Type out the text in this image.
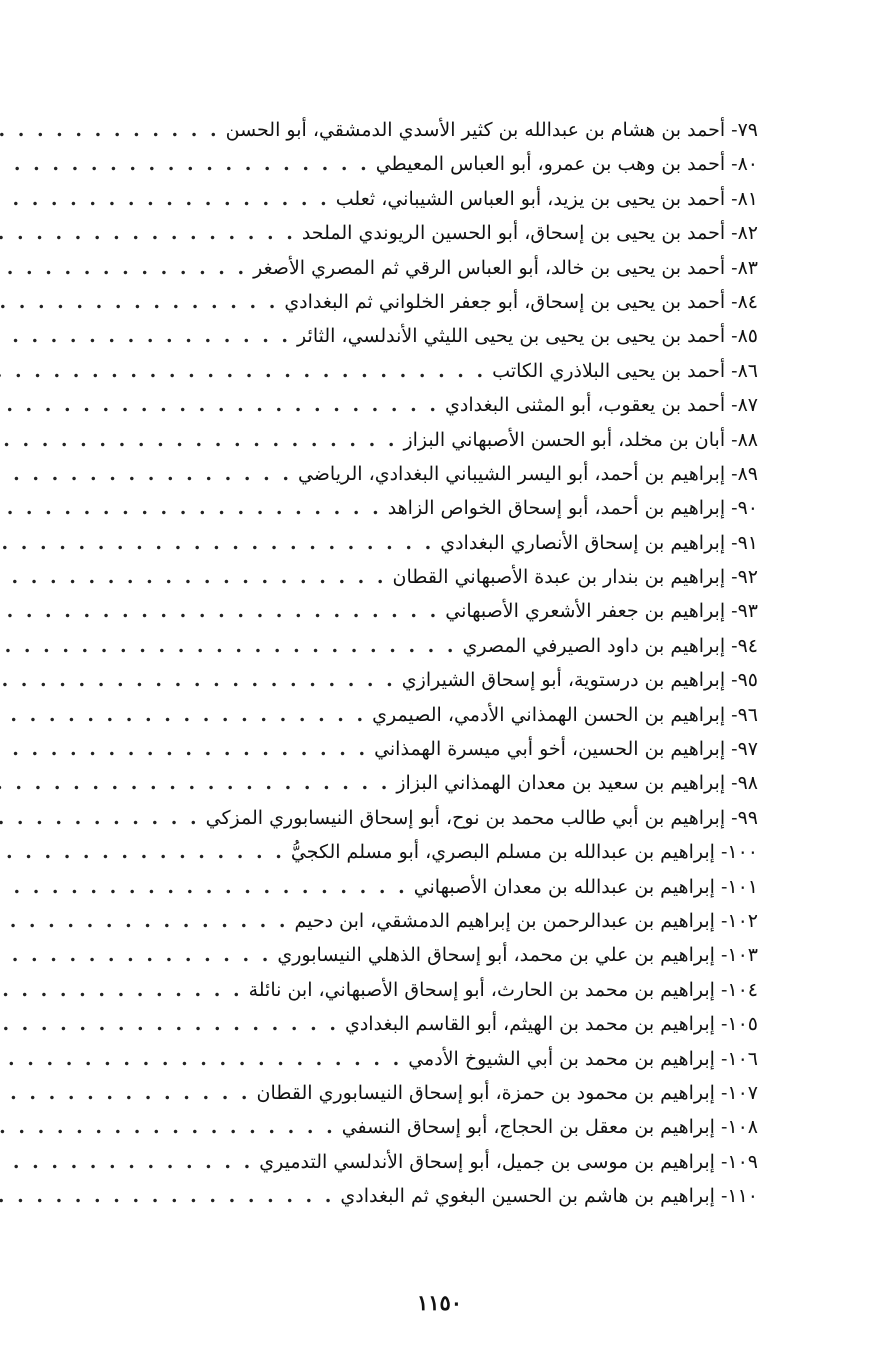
٧٩- أحمد بن هشام بن عبدالله بن كثير الأسدي الدمشقي، أبو الحسن
. . .
٨٠- أحمد بن وهب بن عمرو، أبو العباس المعيطي
. . .
٨١- أحمد بن يحيى بن يزيد، أبو العباس الشيباني، ثعلب
. . .
٨٢- أحمد بن يحيى بن إسحاق، أبو الحسين الريوندي الملحد
. . .
٨٣- أحمد بن يحيى بن خالد، أبو العباس الرقي ثم المصري الأصغر
. . .
٨٤- أحمد بن يحيى بن إسحاق، أبو جعفر الخلواني ثم البغدادي
. . .
٨٥- أحمد بن يحيى بن يحيى بن يحيى الليثي الأندلسي، الثائر
. . .
٨٦- أحمد بن يحيى البلاذري الكاتب
. . .
٨٧- أحمد بن يعقوب، أبو المثنى البغدادي
. . .
٨٨- أبان بن مخلد، أبو الحسن الأصبهاني البزاز
. . .
٨٩- إبراهيم بن أحمد، أبو اليسر الشيباني البغدادي، الرياضي
. . .
٩٠- إبراهيم بن أحمد، أبو إسحاق الخواص الزاهد
. . .
٩١- إبراهيم بن إسحاق الأنصاري البغدادي
. . .
٩٢- إبراهيم بن بندار بن عبدة الأصبهاني القطان
. . .
٩٣- إبراهيم بن جعفر الأشعري الأصبهاني
. . .
٩٤- إبراهيم بن داود الصيرفي المصري
. . .
٩٥- إبراهيم بن درستوية، أبو إسحاق الشيرازي
. . .
٩٦- إبراهيم بن الحسن الهمذاني الأدمي، الصيمري
. . .
٩٧- إبراهيم بن الحسين، أخو أبي ميسرة الهمذاني
. . .
٩٨- إبراهيم بن سعيد بن معدان الهمذاني البزاز
. . .
٩٩- إبراهيم بن أبي طالب محمد بن نوح، أبو إسحاق النيسابوري المزكي
. . .
١٠٠- إبراهيم بن عبدالله بن مسلم البصري، أبو مسلم الكجيُّ
. . .
١٠١- إبراهيم بن عبدالله بن معدان الأصبهاني
. . .
١٠٢- إبراهيم بن عبدالرحمن بن إبراهيم الدمشقي، ابن دحيم
. . .
١٠٣- إبراهيم بن علي بن محمد، أبو إسحاق الذهلي النيسابوري
. . .
١٠٤- إبراهيم بن محمد بن الحارث، أبو إسحاق الأصبهاني، ابن نائلة
. . .
١٠٥- إبراهيم بن محمد بن الهيثم، أبو القاسم البغدادي
. . .
١٠٦- إبراهيم بن محمد بن أبي الشيوخ الأدمي
. . .
١٠٧- إبراهيم بن محمود بن حمزة، أبو إسحاق النيسابوري القطان
. . .
١٠٨- إبراهيم بن معقل بن الحجاج، أبو إسحاق النسفي
. . .
١٠٩- إبراهيم بن موسى بن جميل، أبو إسحاق الأندلسي التدميري
. . .
١١٠- إبراهيم بن هاشم بن الحسين البغوي ثم البغدادي
. . .
١١٥٠
